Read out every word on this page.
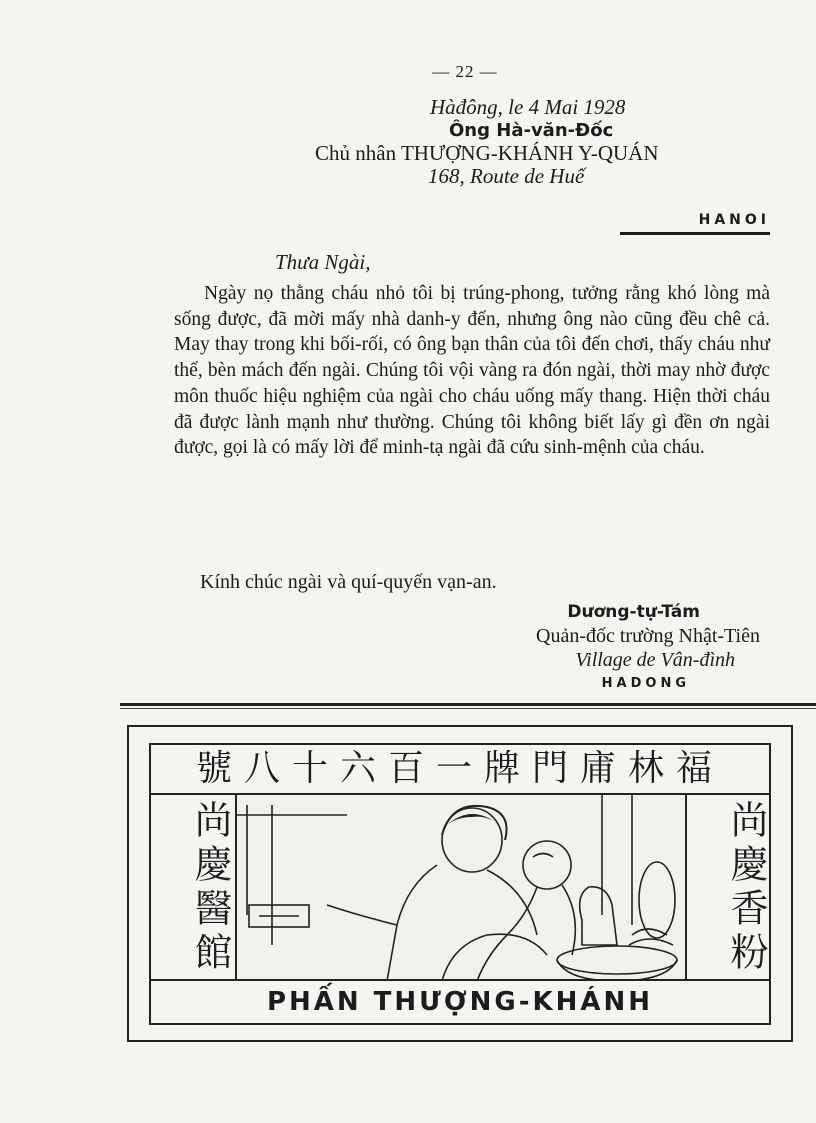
— 22 —
Hàđông, le 4 Mai 1928
Ông Hà-văn-Đốc
Chủ nhân THƯỢNG-KHÁNH Y-QUÁN
168, Route de Huế
HANOI
Thưa Ngài,

Ngày nọ thằng cháu nhỏ tôi bị trúng-phong, tưởng rằng khó lòng mà sống được, đã mời mấy nhà danh-y đến, nhưng ông nào cũng đều chê cả. May thay trong khi bối-rối, có ông bạn thân của tôi đến chơi, thấy cháu như thế, bèn mách đến ngài. Chúng tôi vội vàng ra đón ngài, thời may nhờ được môn thuốc hiệu nghiệm của ngài cho cháu uống mấy thang. Hiện thời cháu đã được lành mạnh như thường. Chúng tôi không biết lấy gì đền ơn ngài được, gọi là có mấy lời để minh-tạ ngài đã cứu sinh-mệnh của cháu.

Kính chúc ngài và quí-quyến vạn-an.
Dương-tự-Tám
Quản-đốc trường Nhật-Tiên
Village de Vân-đình
HADONG
號八十六百一牌門庯林福
尚慶醫館	尚慶香粉
PHẤN THƯỢNG-KHÁNH
